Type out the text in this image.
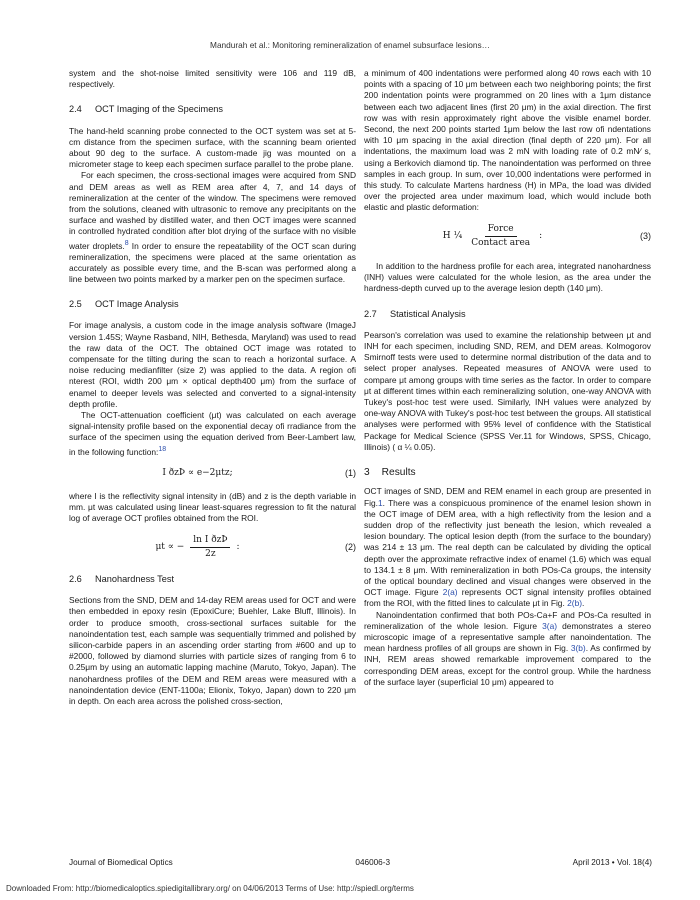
Mandurah et al.: Monitoring remineralization of enamel subsurface lesions…

system and the shot-noise limited sensitivity were 106 and 119 dB, respectively.

2.4 OCT Imaging of the Specimens

The hand-held scanning probe connected to the OCT system was set at 5-cm distance from the specimen surface, with the scanning beam oriented about 90 deg to the surface. A custom-made jig was mounted on a micrometer stage to keep each specimen surface parallel to the probe plane.

For each specimen, the cross-sectional images were acquired from SND and DEM areas as well as REM area after 4, 7, and 14 days of remineralization at the center of the window. The specimens were removed from the solutions, cleaned with ultrasonic to remove any precipitants on the surface and washed by distilled water, and then OCT images were scanned in controlled hydrated condition after blot drying of the surface with no visible water droplets.$^8$ In order to ensure the repeatability of the OCT scan during remineralization, the specimens were placed at the same orientation as accurately as possible every time, and the B-scan was performed along a line between two points marked by a marker pen on the specimen surface.

2.5 OCT Image Analysis

For image analysis, a custom code in the image analysis software (ImageJ version 1.45S; Wayne Rasband, NIH, Bethesda, Maryland) was used to read the raw data of the OCT. The obtained OCT image was rotated to compensate for the tilting during the scan to reach a horizontal surface. A noise reducing medianfilter (size 2) was applied to the data. A region ofi nterest (ROI, width 200 μm × optical depth400 μm) from the surface of enamel to deeper levels was selected and converted to a signal-intensity depth profile.

The OCT-attenuation coefficient (μt) was calculated on each average signal-intensity profile based on the exponential decay ofi rradiance from the surface of the specimen using the equation derived from Beer-Lambert law, in the following function:$^{18}$

I ðzÞ ∝ e−2μtz;	(1)

where I is the reflectivity signal intensity in (dB) and z is the depth variable in mm. μt was calculated using linear least-squares regression to fit the natural log of average OCT profiles obtained from the ROI.

μt ∝ − $\frac{\text{ln I ðzÞ}}{2z}$ :	(2)
2.6 Nanohardness Test

Sections from the SND, DEM and 14-day REM areas used for OCT and were then embedded in epoxy resin (EpoxiCure; Buehler, Lake Bluff, Illinois). In order to produce smooth, cross-sectional surfaces suitable for the nanoindentation test, each sample was sequentially trimmed and polished by silicon-carbide papers in an ascending order starting from #600 and up to #2000, followed by diamond slurries with particle sizes of ranging from 6 to 0.25μm by using an automatic lapping machine (Maruto, Tokyo, Japan). The nanohardness profiles of the DEM and REM areas were measured with a nanoindentation device (ENT-1100a; Elionix, Tokyo, Japan) down to 220 μm in depth. On each area across the polished cross-section,

a minimum of 400 indentations were performed along 40 rows each with 10 points with a spacing of 10 μm between each two neighboring points; the first 200 indentation points were programmed on 20 lines with a 1μm distance between each two adjacent lines (first 20 μm) in the axial direction. The first row was with resin approximately right above the visible enamel border. Second, the next 200 points started 1μm below the last row ofi ndentations with 10 μm spacing in the axial direction (final depth of 220 μm). For all indentations, the maximum load was 2 mN with loading rate of 0.2 mN∕ s, using a Berkovich diamond tip. The nanoindentation was performed on three samples in each group. In sum, over 10,000 indentations were performed in this study. To calculate Martens hardness (H) in MPa, the load was divided over the projected area under maximum load, which would include both elastic and plastic deformation:

H ¼ $\frac{\text{Force}}{\text{Contact area}}$ :	(3)

In addition to the hardness profile for each area, integrated nanohardness (INH) values were calculated for the whole lesion, as the area under the hardness-depth curved up to the average lesion depth (140 μm).

2.7 Statistical Analysis

Pearson's correlation was used to examine the relationship between μt and INH for each specimen, including SND, REM, and DEM areas. Kolmogorov Smirnoff tests were used to determine normal distribution of the data and to select proper analyses. Repeated measures of ANOVA were used to compare μt among groups with time series as the factor. In order to compare μt at different times within each remineralizing solution, one-way ANOVA with Tukey's post-hoc test were used. Similarly, INH values were analyzed by one-way ANOVA with Tukey's post-hoc test between the groups. All statistical analyses were performed with 95% level of confidence with the Statistical Package for Medical Science (SPSS Ver.11 for Windows, SPSS, Chicago, Illinois) ( α ¼ 0.05).

3 Results

OCT images of SND, DEM and REM enamel in each group are presented in Fig.1. There was a conspicuous prominence of the enamel lesion shown in the OCT image of DEM area, with a high reflectivity from the lesion and a sudden drop of the reflectivity just beneath the lesion, which revealed a lesion boundary. The optical lesion depth (from the surface to the boundary) was 214 ± 13 μm. The real depth can be calculated by dividing the optical depth over the approximate refractive index of enamel (1.6) which was equal to 134.1 ± 8 μm. With remineralization in both POs-Ca groups, the intensity of the optical boundary declined and visual changes were observed in the OCT image. Figure 2(a) represents OCT signal intensity profiles obtained from the ROI, with the fitted lines to calculate μt in Fig. 2(b).

Nanoindentation confirmed that both POs-Ca+F and POs-Ca resulted in remineralization of the whole lesion. Figure 3(a) demonstrates a stereo microscopic image of a representative sample after nanoindentation. The mean hardness profiles of all groups are shown in Fig. 3(b). As confirmed by INH, REM areas showed remarkable improvement compared to the corresponding DEM areas, except for the control group. While the hardness of the surface layer (superficial 10 μm) appeared to

Journal of Biomedical Optics	046006-3	April 2013 • Vol. 18(4)
Downloaded From: http://biomedicaloptics.spiedigitallibrary.org/ on 04/06/2013 Terms of Use: http://spiedl.org/terms
